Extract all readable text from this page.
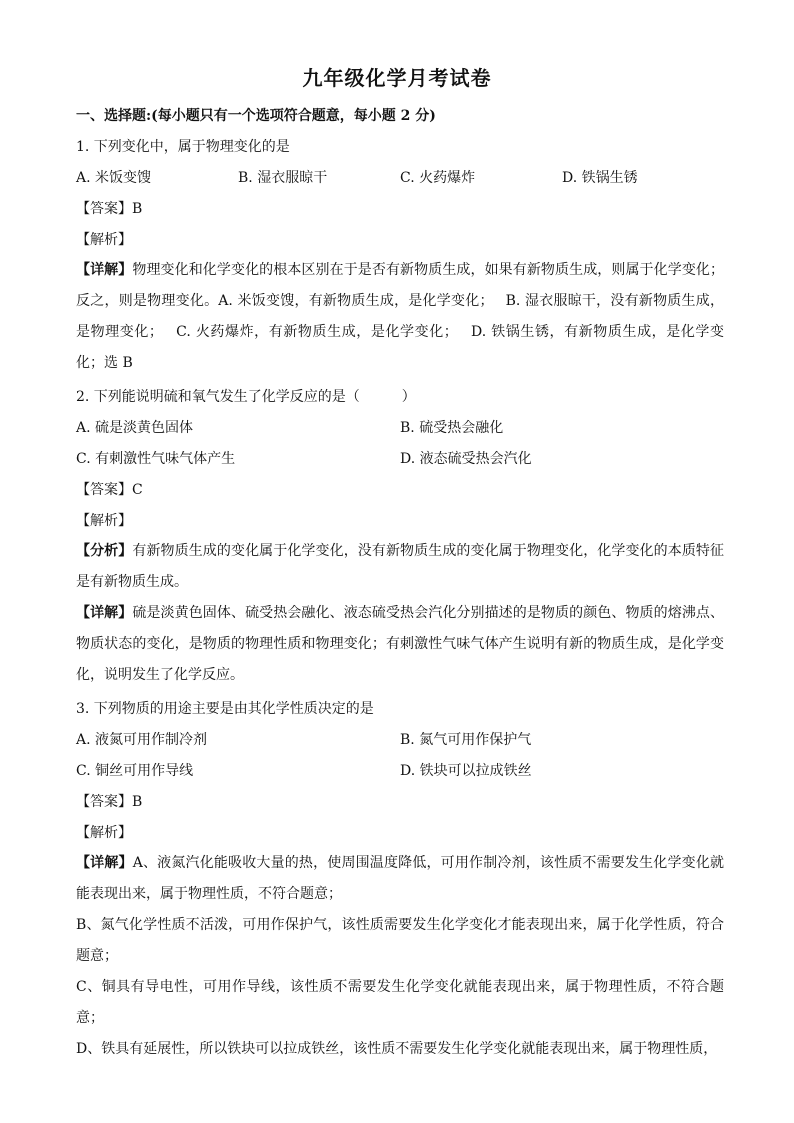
九年级化学月考试卷
一、选择题:(每小题只有一个选项符合题意，每小题 2 分)
1. 下列变化中，属于物理变化的是
A. 米饭变馊	B. 湿衣服晾干	C. 火药爆炸	D. 铁锅生锈
【答案】B
【解析】
【详解】物理变化和化学变化的根本区别在于是否有新物质生成，如果有新物质生成，则属于化学变化；反之，则是物理变化。A. 米饭变馊，有新物质生成，是化学变化；　 B. 湿衣服晾干，没有新物质生成，是物理变化；　 C. 火药爆炸，有新物质生成，是化学变化；　 D. 铁锅生锈，有新物质生成，是化学变化；选 B
2. 下列能说明硫和氧气发生了化学反应的是（　　　）
A. 硫是淡黄色固体	B. 硫受热会融化
C. 有刺激性气味气体产生	D. 液态硫受热会汽化
【答案】C
【解析】
【分析】有新物质生成的变化属于化学变化，没有新物质生成的变化属于物理变化，化学变化的本质特征是有新物质生成。
【详解】硫是淡黄色固体、硫受热会融化、液态硫受热会汽化分别描述的是物质的颜色、物质的熔沸点、物质状态的变化，是物质的物理性质和物理变化；有刺激性气味气体产生说明有新的物质生成，是化学变化，说明发生了化学反应。
3. 下列物质的用途主要是由其化学性质决定的是
A. 液氮可用作制冷剂	B. 氮气可用作保护气
C. 铜丝可用作导线	D. 铁块可以拉成铁丝
【答案】B
【解析】
【详解】A、液氮汽化能吸收大量的热，使周围温度降低，可用作制冷剂，该性质不需要发生化学变化就能表现出来，属于物理性质，不符合题意；
B、氮气化学性质不活泼，可用作保护气，该性质需要发生化学变化才能表现出来，属于化学性质，符合题意；
C、铜具有导电性，可用作导线，该性质不需要发生化学变化就能表现出来，属于物理性质，不符合题意；
D、铁具有延展性，所以铁块可以拉成铁丝，该性质不需要发生化学变化就能表现出来，属于物理性质，
